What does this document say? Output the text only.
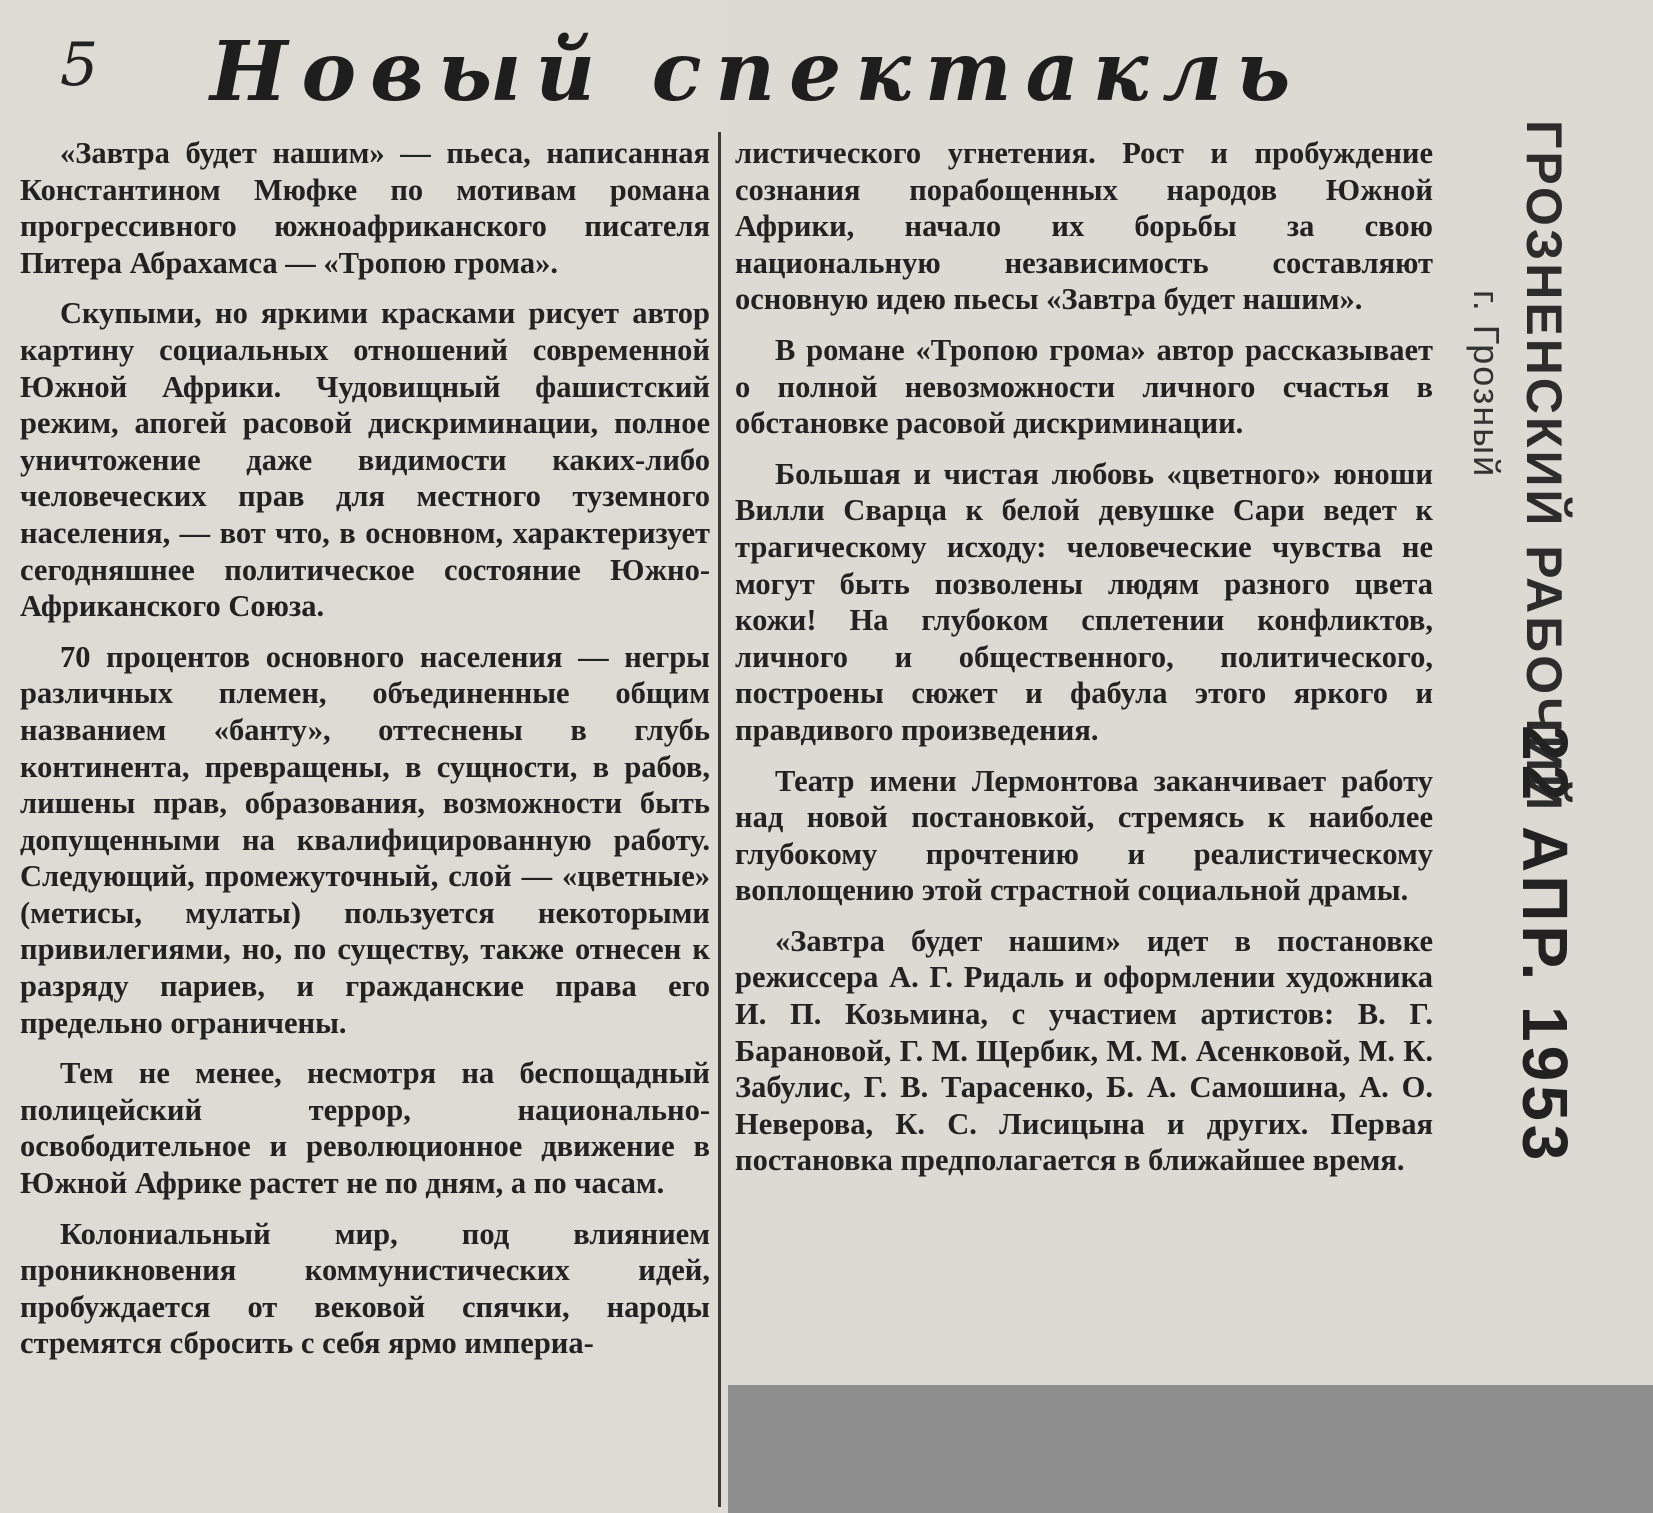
5	Новый спектакль

«Завтра будет нашим» — пьеса, написанная Константином Мюфке по мотивам романа прогрессивного южноафриканского писателя Питера Абрахамса — «Тропою грома».

Скупыми, но яркими красками рисует автор картину социальных отношений современной Южной Африки. Чудовищный фашистский режим, апогей расовой дискриминации, полное уничтожение даже видимости каких-либо человеческих прав для местного туземного населения, — вот что, в основном, характеризует сегодняшнее политическое состояние Южно-Африканского Союза.

70 процентов основного населения — негры различных племен, объединенные общим названием «банту», оттеснены в глубь континента, превращены, в сущности, в рабов, лишены прав, образования, возможности быть допущенными на квалифицированную работу. Следующий, промежуточный, слой — «цветные» (метисы, мулаты) пользуется некоторыми привилегиями, но, по существу, также отнесен к разряду париев, и гражданские права его предельно ограничены.

Тем не менее, несмотря на беспощадный полицейский террор, национально-освободительное и революционное движение в Южной Африке растет не по дням, а по часам.

Колониальный мир, под влиянием проникновения коммунистических идей, пробуждается от вековой спячки, народы стремятся сбросить с себя ярмо империа-

листического угнетения. Рост и пробуждение сознания порабощенных народов Южной Африки, начало их борьбы за свою национальную независимость составляют основную идею пьесы «Завтра будет нашим».

В романе «Тропою грома» автор рассказывает о полной невозможности личного счастья в обстановке расовой дискриминации.

Большая и чистая любовь «цветного» юноши Вилли Сварца к белой девушке Сари ведет к трагическому исходу: человеческие чувства не могут быть позволены людям разного цвета кожи! На глубоком сплетении конфликтов, личного и общественного, политического, построены сюжет и фабула этого яркого и правдивого произведения.

Театр имени Лермонтова заканчивает работу над новой постановкой, стремясь к наиболее глубокому прочтению и реалистическому воплощению этой страстной социальной драмы.

«Завтра будет нашим» идет в постановке режиссера А. Г. Ридаль и оформлении художника И. П. Козьмина, с участием артистов: В. Г. Барановой, Г. М. Щербик, М. М. Асенковой, М. К. Забулис, Г. В. Тарасенко, Б. А. Самошина, А. О. Неверова, К. С. Лисицына и других. Первая постановка предполагается в ближайшее время.

ГРОЗНЕНСКИЙ РАБОЧИЙ
г. Грозный
22 АПР. 1953
